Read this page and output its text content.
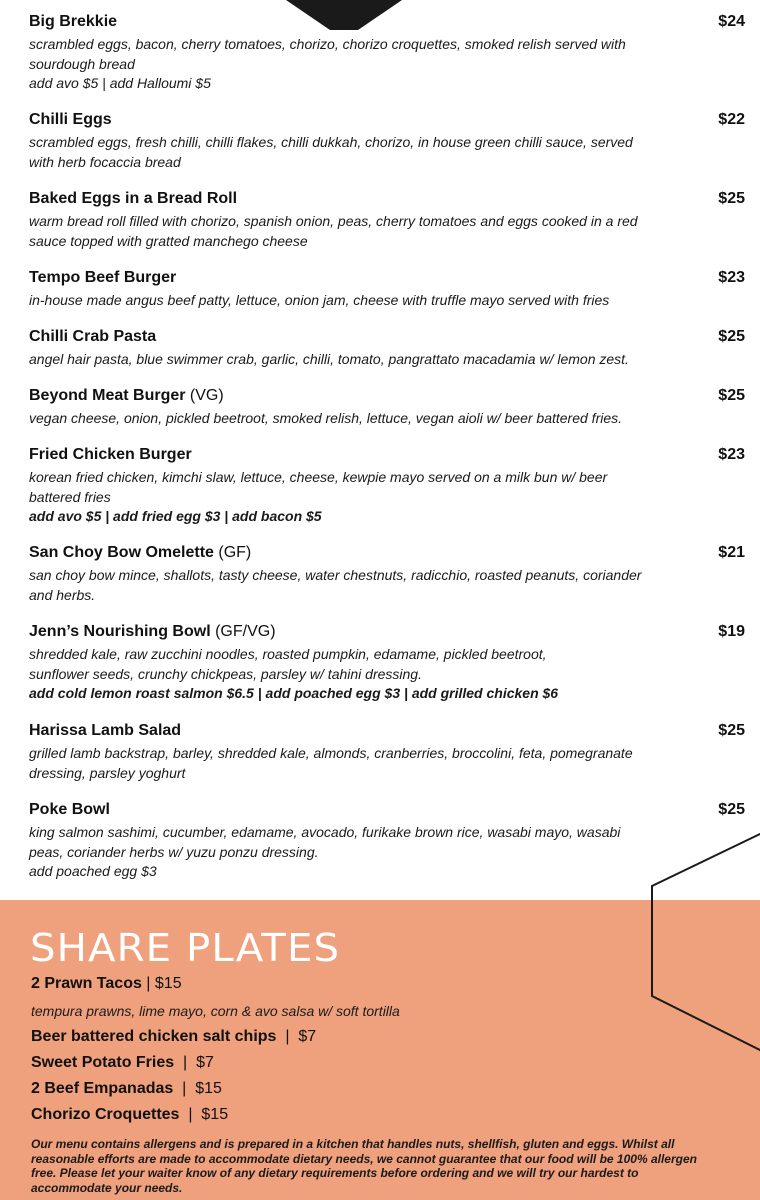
Big Brekkie	$24
scrambled eggs, bacon, cherry tomatoes, chorizo, chorizo croquettes, smoked relish served with
sourdough bread
add avo $5 | add Halloumi $5
Chilli Eggs	$22
scrambled eggs, fresh chilli, chilli flakes, chilli dukkah, chorizo, in house green chilli sauce, served
with herb focaccia bread
Baked Eggs in a Bread Roll	$25
warm bread roll filled with chorizo, spanish onion, peas, cherry tomatoes and eggs cooked in a red
sauce topped with gratted manchego cheese
Tempo Beef Burger	$23
in-house made angus beef patty, lettuce, onion jam, cheese with truffle mayo served with fries
Chilli Crab Pasta	$25
angel hair pasta, blue swimmer crab, garlic, chilli, tomato, pangrattato macadamia w/ lemon zest.
Beyond Meat Burger (VG)	$25
vegan cheese, onion, pickled beetroot, smoked relish, lettuce, vegan aioli w/ beer battered fries.
Fried Chicken Burger	$23
korean fried chicken, kimchi slaw, lettuce, cheese, kewpie mayo served on a milk bun w/ beer
battered fries
add avo $5 | add fried egg $3 | add bacon $5
San Choy Bow Omelette (GF)	$21
san choy bow mince, shallots, tasty cheese, water chestnuts, radicchio, roasted peanuts, coriander
and herbs.
Jenn’s Nourishing Bowl (GF/VG)	$19
shredded kale, raw zucchini noodles, roasted pumpkin, edamame, pickled beetroot,
sunflower seeds, crunchy chickpeas, parsley w/ tahini dressing.
add cold lemon roast salmon $6.5 | add poached egg $3 | add grilled chicken $6
Harissa Lamb Salad	$25
grilled lamb backstrap, barley, shredded kale, almonds, cranberries, broccolini, feta, pomegranate
dressing, parsley yoghurt
Poke Bowl	$25
king salmon sashimi, cucumber, edamame, avocado, furikake brown rice, wasabi mayo, wasabi
peas, coriander herbs w/ yuzu ponzu dressing.
add poached egg $3
SHARE PLATES
2 Prawn Tacos | $15
tempura prawns, lime mayo, corn & avo salsa w/ soft tortilla
Beer battered chicken salt chips  |  $7
Sweet Potato Fries  |  $7
2 Beef Empanadas  |  $15
Chorizo Croquettes  |  $15

Our menu contains allergens and is prepared in a kitchen that handles nuts, shellfish, gluten and eggs. Whilst all reasonable efforts are made to accommodate dietary needs, we cannot guarantee that our food will be 100% allergen free. Please let your waiter know of any dietary requirements before ordering and we will try our hardest to accommodate your needs.
